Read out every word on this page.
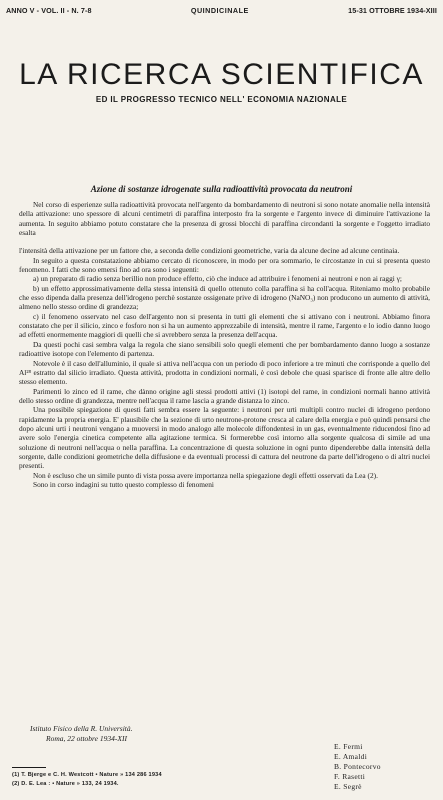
ANNO V - VOL. II - N. 7-8	QUINDICINALE	15-31 OTTOBRE 1934-XIII
LA RICERCA SCIENTIFICA
ED IL PROGRESSO TECNICO NELL' ECONOMIA NAZIONALE
Azione di sostanze idrogenate sulla radioattività provocata da neutroni

Nel corso di esperienze sulla radioattività provocata nell'argento da bombardamento di neutroni si sono notate anomalie nella intensità della attivazione: uno spessore di alcuni centimetri di paraffina interposto fra la sorgente e l'argento invece di diminuire l'attivazione la aumenta. In seguito abbiamo potuto constatare che la presenza di grossi blocchi di paraffina circondanti la sorgente e l'oggetto irradiato esalta

l'intensità della attivazione per un fattore che, a seconda delle condizioni geometriche, varia da alcune decine ad alcune centinaia.

In seguito a questa constatazione abbiamo cercato di riconoscere, in modo per ora sommario, le circostanze in cui si presenta questo fenomeno. I fatti che sono emersi fino ad ora sono i seguenti:

a) un preparato di radio senza berillio non produce effetto, ciò che induce ad attribuire i fenomeni ai neutroni e non ai raggi γ;

b) un effetto approssimativamente della stessa intensità di quello ottenuto colla paraffina si ha coll'acqua. Riteniamo molto probabile che esso dipenda dalla presenza dell'idrogeno perchè sostanze ossigenate prive di idrogeno (NaNO₃) non producono un aumento di attività, almeno nello stesso ordine di grandezza;

c) il fenomeno osservato nel caso dell'argento non si presenta in tutti gli elementi che si attivano con i neutroni. Abbiamo finora constatato che per il silicio, zinco e fosforo non si ha un aumento apprezzabile di intensità, mentre il rame, l'argento e lo iodio danno luogo ad effetti enormemente maggiori di quelli che si avrebbero senza la presenza dell'acqua.

Da questi pochi casi sembra valga la regola che siano sensibili solo quegli elementi che per bombardamento danno luogo a sostanze radioattive isotope con l'elemento di partenza.

Notevole è il caso dell'alluminio, il quale si attiva nell'acqua con un periodo di poco inferiore a tre minuti che corrisponde a quello del Al²⁸ estratto dal silicio irradiato. Questa attività, prodotta in condizioni normali, è così debole che quasi sparisce di fronte alle altre dello stesso elemento.

Parimenti lo zinco ed il rame, che dànno origine agli stessi prodotti attivi (1) isotopi del rame, in condizioni normali hanno attività dello stesso ordine di grandezza, mentre nell'acqua il rame lascia a grande distanza lo zinco.

Una possibile spiegazione di questi fatti sembra essere la seguente: i neutroni per urti multipli contro nuclei di idrogeno perdono rapidamente la propria energia. E' plausibile che la sezione di urto neutrone-protone cresca al calare della energia e può quindi pensarsi che dopo alcuni urti i neutroni vengano a muoversi in modo analogo alle molecole diffondentesi in un gas, eventualmente riducendosi fino ad avere solo l'energia cinetica competente alla agitazione termica. Si formerebbe così intorno alla sorgente qualcosa di simile ad una soluzione di neutroni nell'acqua o nella paraffina. La concentrazione di questa soluzione in ogni punto dipenderebbe dalla intensità della sorgente, dalle condizioni geometriche della diffusione e da eventuali processi di cattura del neutrone da parte dell'idrogeno o di altri nuclei presenti.

Non è escluso che un simile punto di vista possa avere importanza nella spiegazione degli effetti osservati da Lea (2).

Sono in corso indagini su tutto questo complesso di fenomeni

Istituto Fisico della R. Università.
Roma, 22 ottobre 1934-XII
E. Fermi
E. Amaldi
B. Pontecorvo
F. Rasetti
E. Segrè
(1) T. Bjerge e C. H. Westcott • Nature » 134 286 1934
(2) D. E. Lea : • Nature » 133, 24 1934.
